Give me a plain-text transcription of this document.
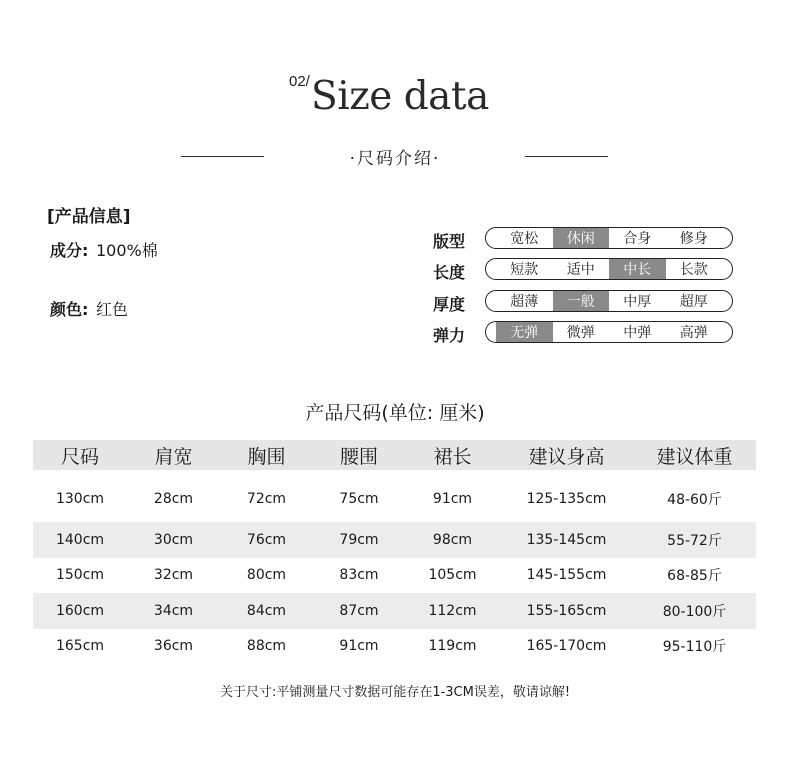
02/ Size data
·尺码介绍·
[产品信息]
成分: 100%棉
颜色: 红色
版型	宽松	休闲	合身	修身
长度	短款	适中	中长	长款
厚度	超薄	一般	中厚	超厚
弹力	无弹	微弹	中弹	高弹
产品尺码(单位: 厘米)
尺码	肩宽	胸围	腰围	裙长	建议身高	建议体重
130cm	28cm	72cm	75cm	91cm	125-135cm	48-60斤
140cm	30cm	76cm	79cm	98cm	135-145cm	55-72斤
150cm	32cm	80cm	83cm	105cm	145-155cm	68-85斤
160cm	34cm	84cm	87cm	112cm	155-165cm	80-100斤
165cm	36cm	88cm	91cm	119cm	165-170cm	95-110斤
关于尺寸:平铺测量尺寸数据可能存在1-3CM误差，敬请谅解!
